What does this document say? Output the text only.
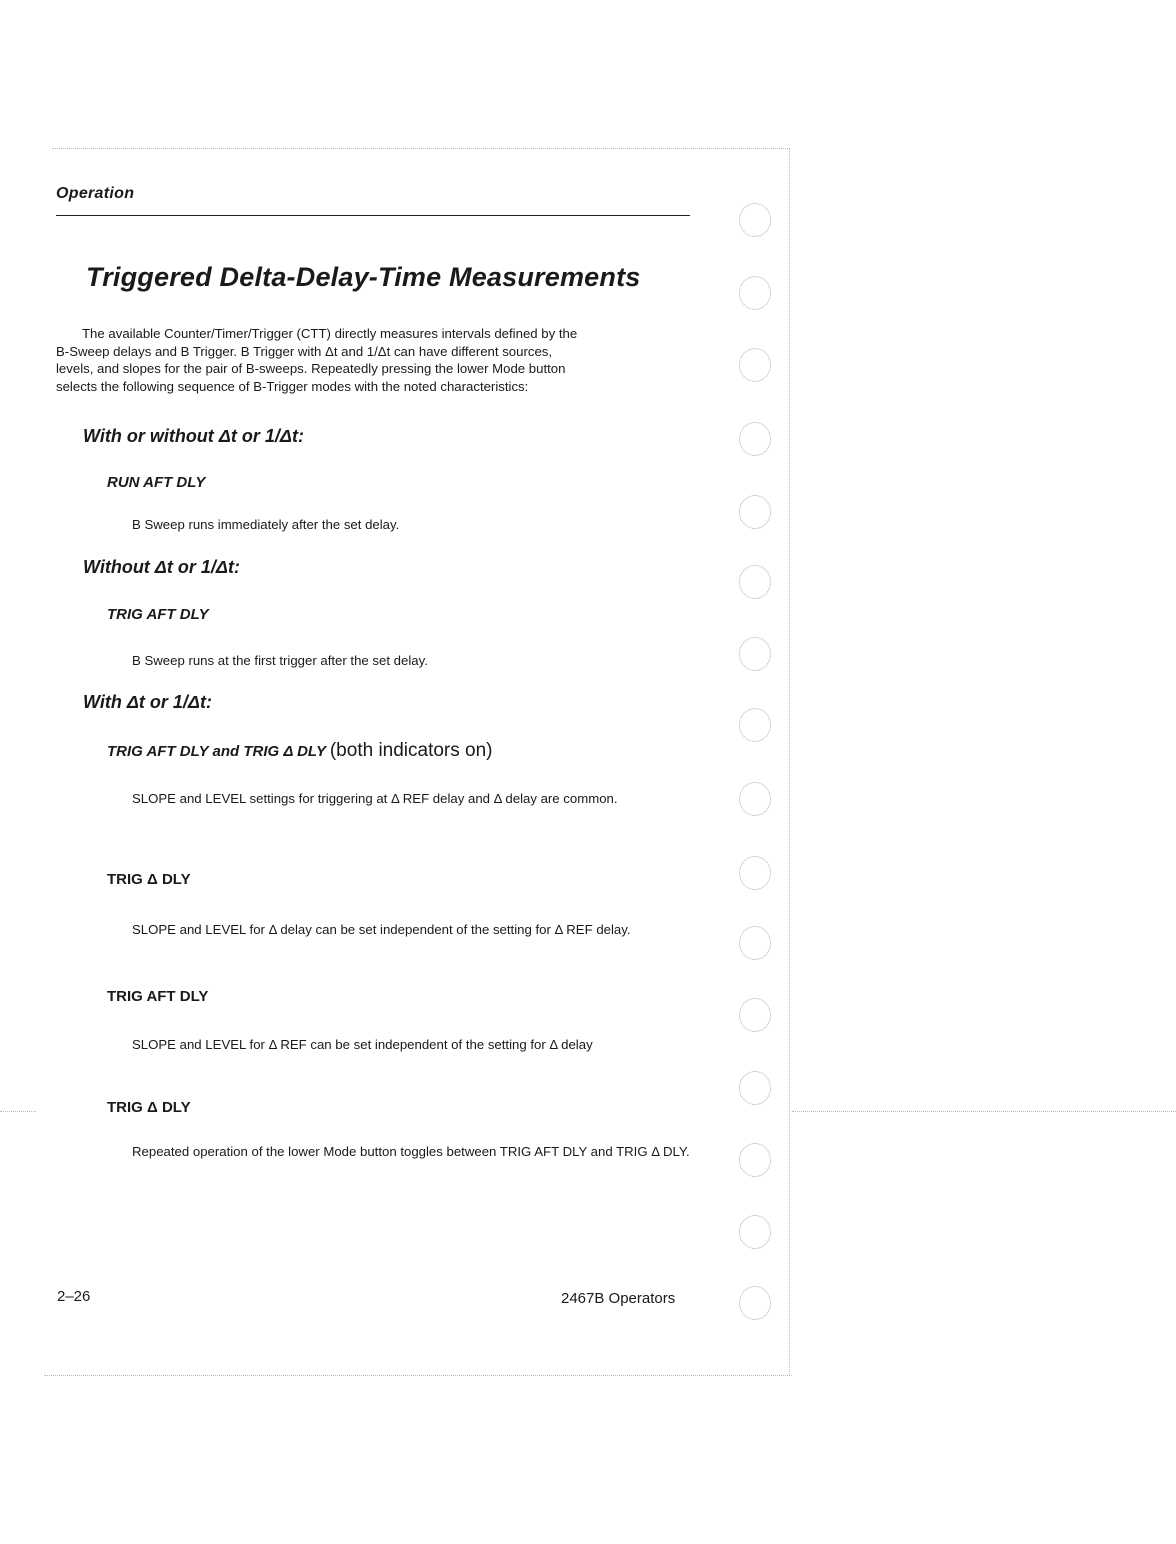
Operation
Triggered Delta-Delay-Time Measurements

The available Counter/Timer/Trigger (CTT) directly measures intervals defined by the

B-Sweep delays and B Trigger. B Trigger with Δt and 1/Δt can have different sources,

levels, and slopes for the pair of B-sweeps. Repeatedly pressing the lower Mode button

selects the following sequence of B-Trigger modes with the noted characteristics:

With or without Δt or 1/Δt:
RUN AFT DLY
B Sweep runs immediately after the set delay.
Without Δt or 1/Δt:
TRIG AFT DLY
B Sweep runs at the first trigger after the set delay.
With Δt or 1/Δt:
TRIG AFT DLY and TRIG Δ DLY (both indicators on)
SLOPE and LEVEL settings for triggering at Δ REF delay and Δ delay are common.
TRIG Δ DLY
SLOPE and LEVEL for Δ delay can be set independent of the setting for Δ REF delay.
TRIG AFT DLY
SLOPE and LEVEL for Δ REF can be set independent of the setting for Δ delay
TRIG Δ DLY
Repeated operation of the lower Mode button toggles between TRIG AFT DLY and TRIG Δ DLY.
2–26	2467B Operators
